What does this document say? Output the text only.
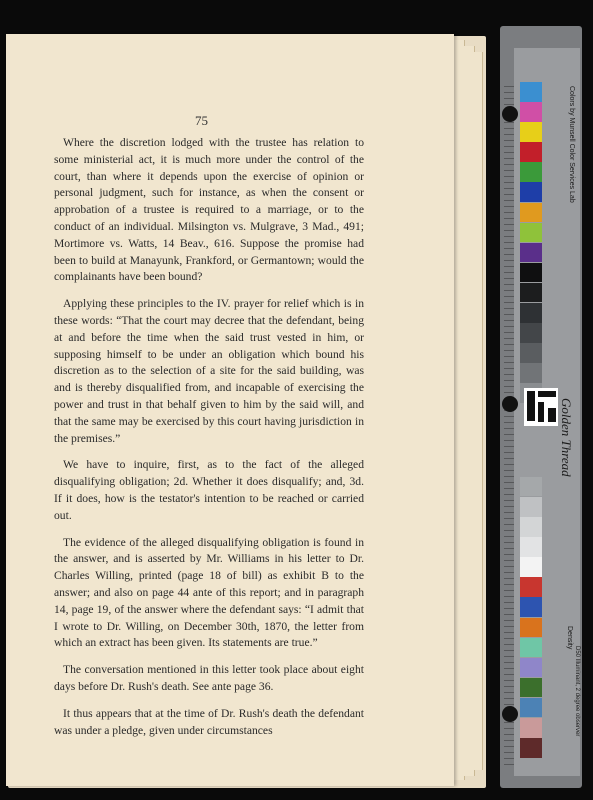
75

Where the discretion lodged with the trustee has relation to some ministerial act, it is much more under the control of the court, than where it depends upon the exercise of opinion or personal judgment, such for instance, as when the consent or approbation of a trustee is required to a marriage, or to the conduct of an individual. Milsington vs. Mulgrave, 3 Mad., 491; Mortimore vs. Watts, 14 Beav., 616. Suppose the promise had been to build at Manayunk, Frankford, or Germantown; would the complainants have been bound?

Applying these principles to the IV. prayer for relief which is in these words: “That the court may decree that the defendant, being at and before the time when the said trust vested in him, or supposing himself to be under an obligation which bound his discretion as to the selection of a site for the said building, was and is thereby disqualified from, and incapable of exercising the power and trust in that behalf given to him by the said will, and that the same may be exercised by this court having jurisdiction in the premises.”

We have to inquire, first, as to the fact of the alleged disqualifying obligation; 2d. Whether it does disqualify; and, 3d. If it does, how is the testator's intention to be reached or carried out.

The evidence of the alleged disqualifying obligation is found in the answer, and is asserted by Mr. Williams in his letter to Dr. Charles Willing, printed (page 18 of bill) as exhibit B to the answer; and also on page 44 ante of this report; and in paragraph 14, page 19, of the answer where the defendant says: “I admit that I wrote to Dr. Willing, on December 30th, 1870, the letter from which an extract has been given. Its statements are true.”

The conversation mentioned in this letter took place about eight days before Dr. Rush's death. See ante page 36.

It thus appears that at the time of Dr. Rush's death the defendant was under a pledge, given under circumstances

Golden Thread
Colors by Munsell Color Services Lab
Density
D50 Illuminant, 2 degree observer
